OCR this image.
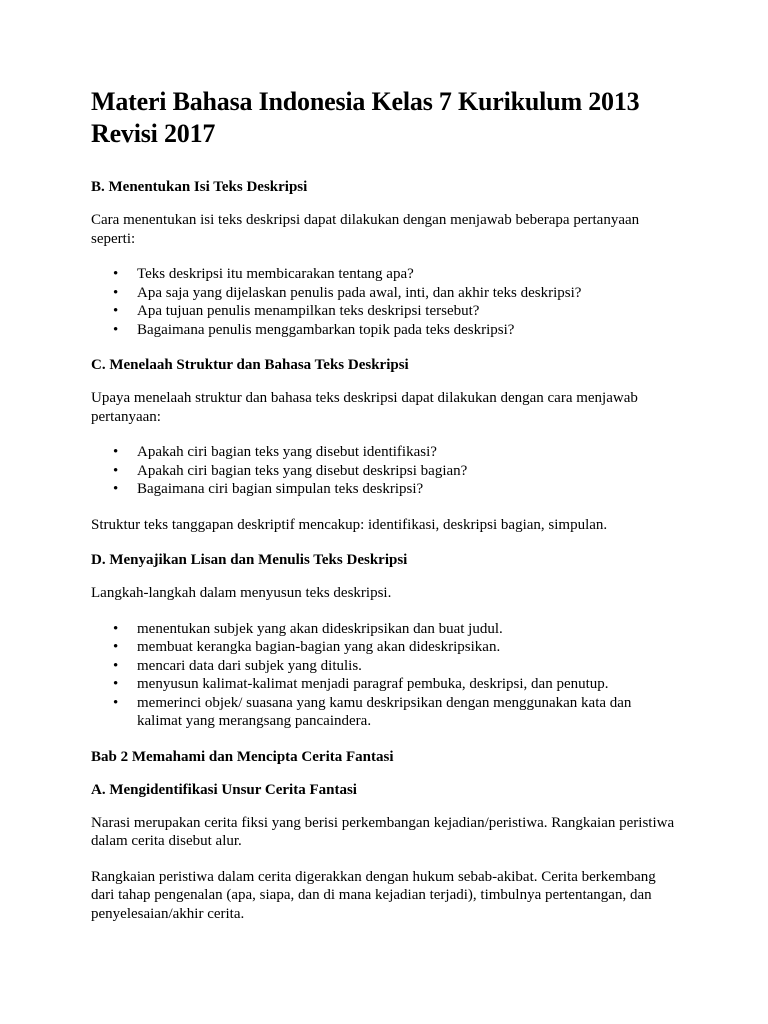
Materi Bahasa Indonesia Kelas 7 Kurikulum 2013 Revisi 2017
B. Menentukan Isi Teks Deskripsi

Cara menentukan isi teks deskripsi dapat dilakukan dengan menjawab beberapa pertanyaan seperti:

• Teks deskripsi itu membicarakan tentang apa?
• Apa saja yang dijelaskan penulis pada awal, inti, dan akhir teks deskripsi?
• Apa tujuan penulis menampilkan teks deskripsi tersebut?
• Bagaimana penulis menggambarkan topik pada teks deskripsi?
C. Menelaah Struktur dan Bahasa Teks Deskripsi

Upaya menelaah struktur dan bahasa teks deskripsi dapat dilakukan dengan cara menjawab pertanyaan:

• Apakah ciri bagian teks yang disebut identifikasi?
• Apakah ciri bagian teks yang disebut deskripsi bagian?
• Bagaimana ciri bagian simpulan teks deskripsi?

Struktur teks tanggapan deskriptif mencakup: identifikasi, deskripsi bagian, simpulan.

D. Menyajikan Lisan dan Menulis Teks Deskripsi

Langkah-langkah dalam menyusun teks deskripsi.

• menentukan subjek yang akan dideskripsikan dan buat judul.
• membuat kerangka bagian-bagian yang akan dideskripsikan.
• mencari data dari subjek yang ditulis.
• menyusun kalimat-kalimat menjadi paragraf pembuka, deskripsi, dan penutup.
• memerinci objek/ suasana yang kamu deskripsikan dengan menggunakan kata dan kalimat yang merangsang pancaindera.
Bab 2 Memahami dan Mencipta Cerita Fantasi
A. Mengidentifikasi Unsur Cerita Fantasi

Narasi merupakan cerita fiksi yang berisi perkembangan kejadian/peristiwa. Rangkaian peristiwa dalam cerita disebut alur.

Rangkaian peristiwa dalam cerita digerakkan dengan hukum sebab-akibat. Cerita berkembang dari tahap pengenalan (apa, siapa, dan di mana kejadian terjadi), timbulnya pertentangan, dan penyelesaian/akhir cerita.
